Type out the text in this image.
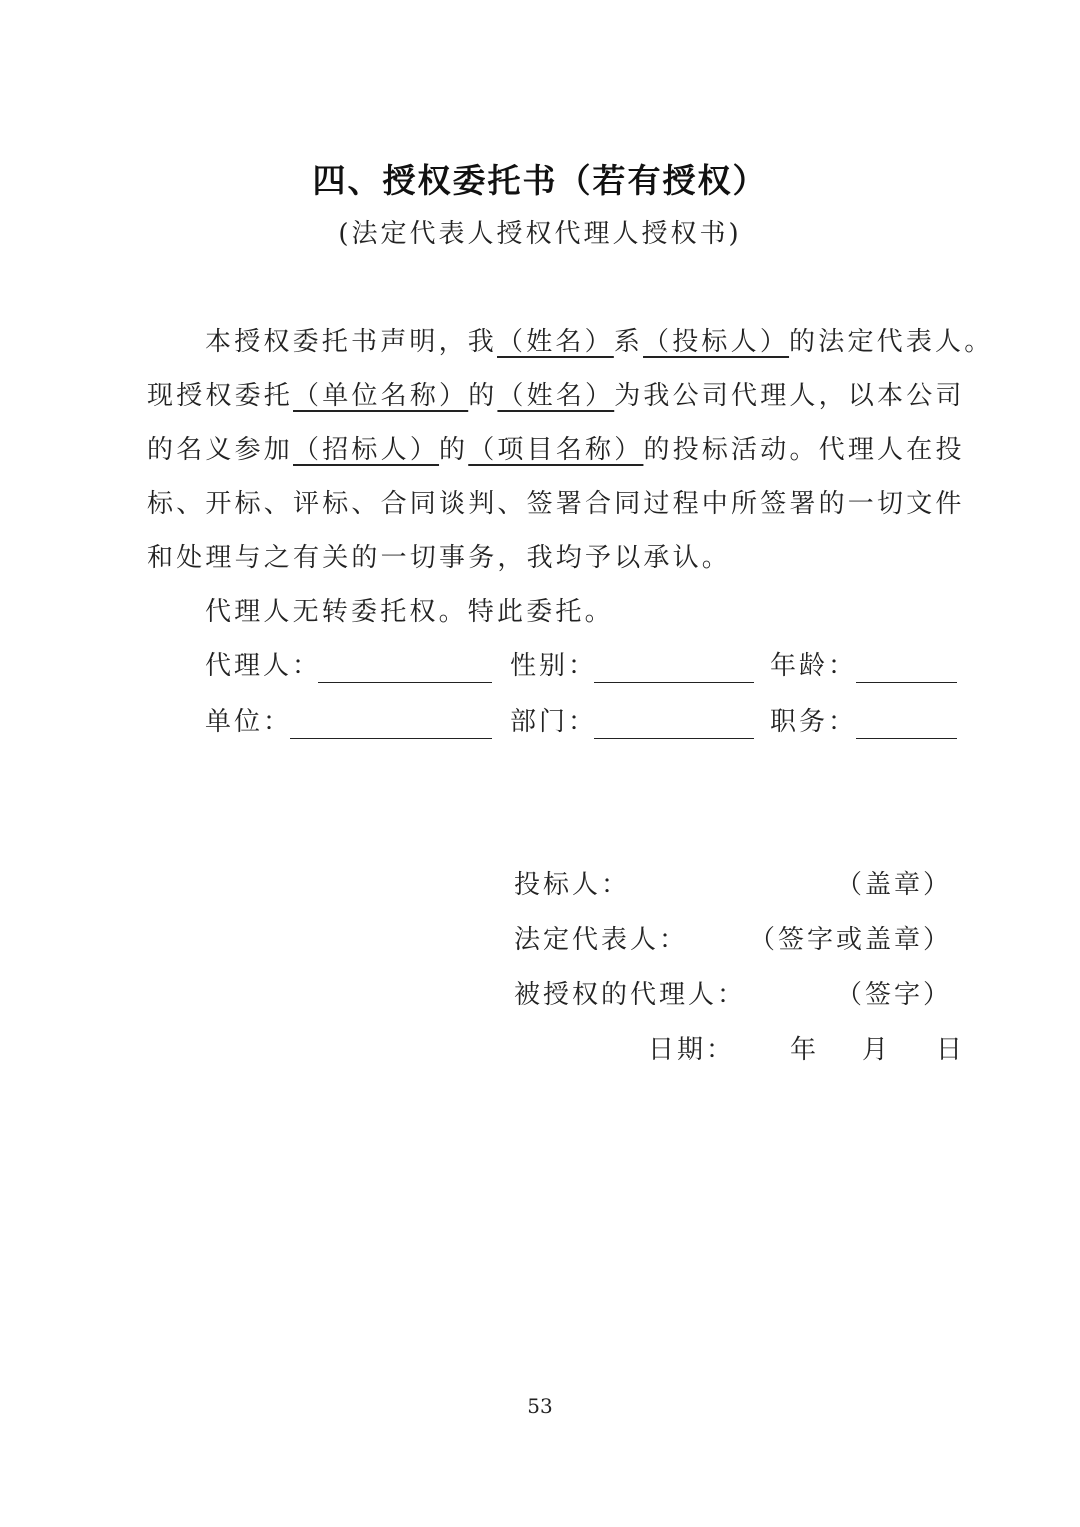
四、授权委托书（若有授权）
(法定代表人授权代理人授权书)
本授权委托书声明，我（姓名）系（投标人）的法定代表人。
现授权委托（单位名称）的（姓名）为我公司代理人，以本公司
的名义参加（招标人）的（项目名称）的投标活动。代理人在投
标、开标、评标、合同谈判、签署合同过程中所签署的一切文件
和处理与之有关的一切事务，我均予以承认。
代理人无转委托权。特此委托。
代理人：	性别：	年龄：
单位：	部门：	职务：
投标人：	（盖章）
法定代表人： （签字或盖章）
被授权的代理人：	（签字）
日期： 年 月 日
53
